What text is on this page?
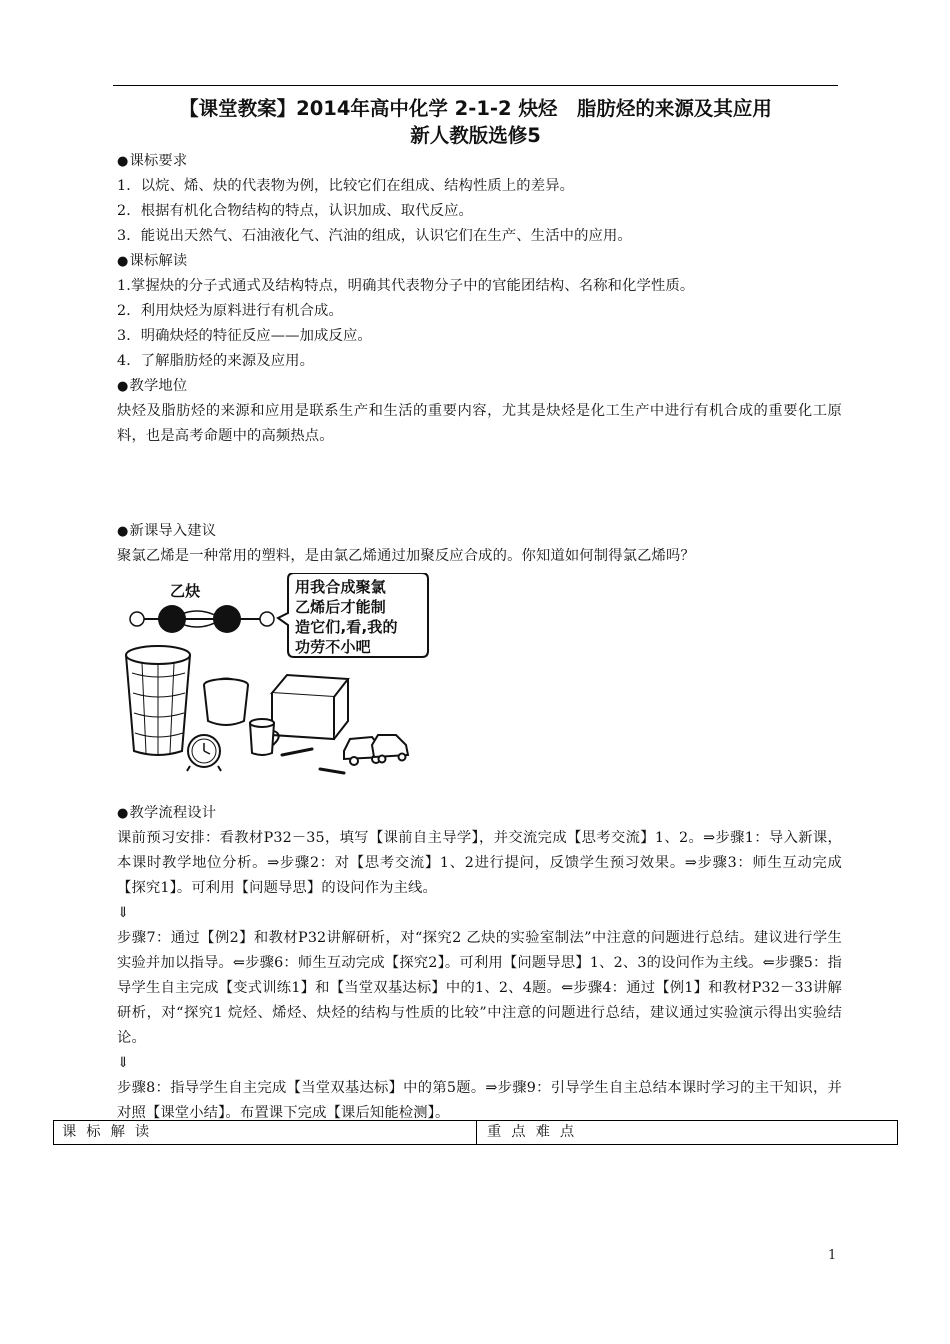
【课堂教案】2014年高中化学 2-1-2 炔烃　脂肪烃的来源及其应用
新人教版选修5

●课标要求

1．以烷、烯、炔的代表物为例，比较它们在组成、结构性质上的差异。

2．根据有机化合物结构的特点，认识加成、取代反应。

3．能说出天然气、石油液化气、汽油的组成，认识它们在生产、生活中的应用。

●课标解读

1.掌握炔的分子式通式及结构特点，明确其代表物分子中的官能团结构、名称和化学性质。

2．利用炔烃为原料进行有机合成。

3．明确炔烃的特征反应——加成反应。

4．了解脂肪烃的来源及应用。

●教学地位

炔烃及脂肪烃的来源和应用是联系生产和生活的重要内容，尤其是炔烃是化工生产中进行有机合成的重要化工原料，也是高考命题中的高频热点。

●新课导入建议

聚氯乙烯是一种常用的塑料，是由氯乙烯通过加聚反应合成的。你知道如何制得氯乙烯吗？

乙炔	用我合成聚氯 乙烯后才能制 造它们,看,我的 功劳不小吧

●教学流程设计

课前预习安排：看教材P32－35，填写【课前自主导学】，并交流完成【思考交流】1、2。⇒步骤1：导入新课，本课时教学地位分析。⇒步骤2：对【思考交流】1、2进行提问，反馈学生预习效果。⇒步骤3：师生互动完成【探究1】。可利用【问题导思】的设问作为主线。

⇓

步骤7：通过【例2】和教材P32讲解研析，对“探究2 乙炔的实验室制法”中注意的问题进行总结。建议进行学生实验并加以指导。⇐步骤6：师生互动完成【探究2】。可利用【问题导思】1、2、3的设问作为主线。⇐步骤5：指导学生自主完成【变式训练1】和【当堂双基达标】中的1、2、4题。⇐步骤4：通过【例1】和教材P32－33讲解研析，对“探究1 烷烃、烯烃、炔烃的结构与性质的比较”中注意的问题进行总结，建议通过实验演示得出实验结论。

⇓

步骤8：指导学生自主完成【当堂双基达标】中的第5题。⇒步骤9：引导学生自主总结本课时学习的主干知识，并对照【课堂小结】。布置课下完成【课后知能检测】。

课标解读	重点难点
1
